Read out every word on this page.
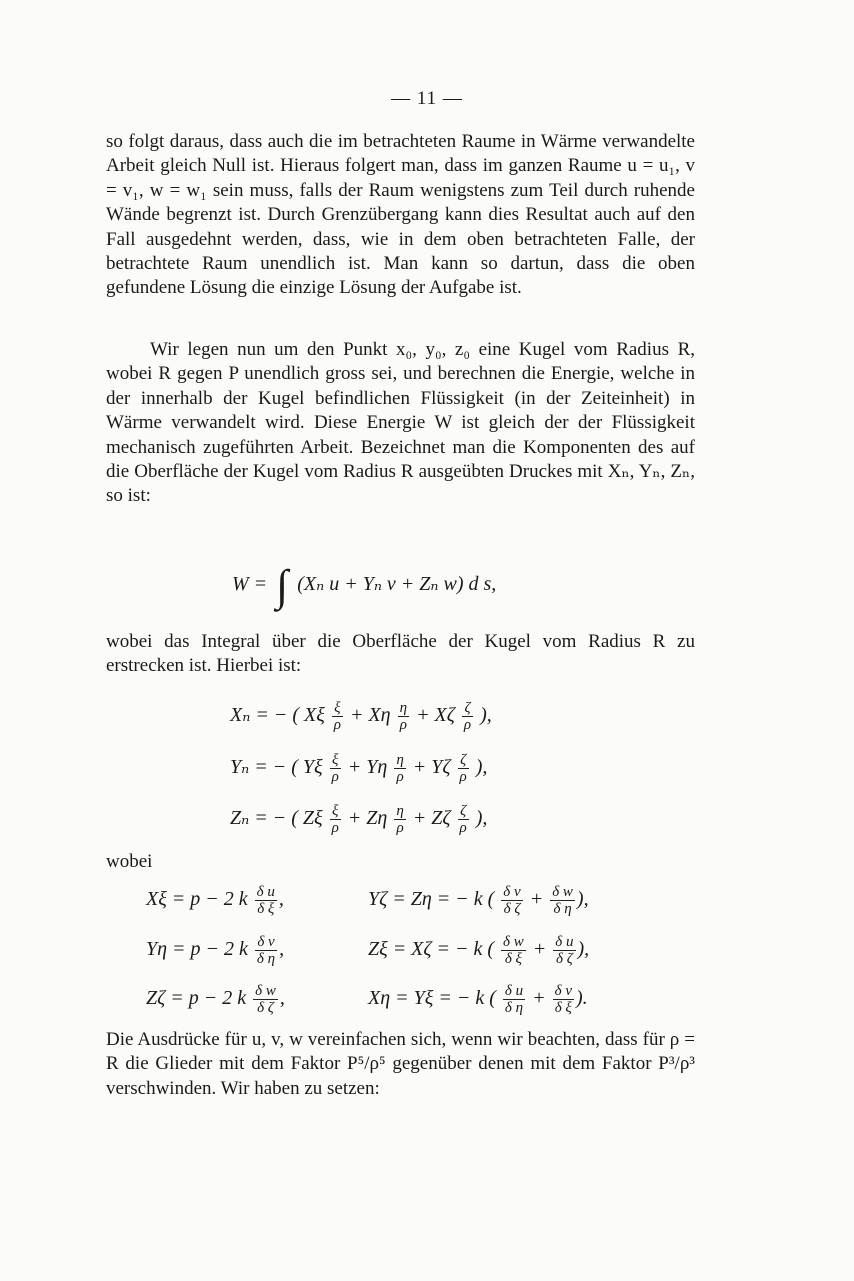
— 11 —

so folgt daraus, dass auch die im betrachteten Raume in Wärme verwandelte Arbeit gleich Null ist. Hieraus folgert man, dass im ganzen Raume u = u₁, v = v₁, w = w₁ sein muss, falls der Raum wenigstens zum Teil durch ruhende Wände begrenzt ist. Durch Grenzübergang kann dies Resultat auch auf den Fall ausgedehnt werden, dass, wie in dem oben betrachteten Falle, der betrachtete Raum unendlich ist. Man kann so dartun, dass die oben gefundene Lösung die einzige Lösung der Aufgabe ist.

Wir legen nun um den Punkt x₀, y₀, z₀ eine Kugel vom Radius R, wobei R gegen P unendlich gross sei, und berechnen die Energie, welche in der innerhalb der Kugel befindlichen Flüssigkeit (in der Zeiteinheit) in Wärme verwandelt wird. Diese Energie W ist gleich der der Flüssigkeit mechanisch zugeführten Arbeit. Bezeichnet man die Komponenten des auf die Oberfläche der Kugel vom Radius R ausgeübten Druckes mit Xₙ, Yₙ, Zₙ, so ist:

W = ∫ (Xₙ u + Yₙ v + Zₙ w) d s,

wobei das Integral über die Oberfläche der Kugel vom Radius R zu erstrecken ist. Hierbei ist:

Xₙ = − ( Xξ $\frac{\xi}{\rho} + X\eta \frac{\eta}{\rho} + X\zeta \frac{\zeta}{\rho}$ ),
Yₙ = − ( Yξ $\frac{\xi}{\rho} + Y\eta \frac{\eta}{\rho} + Y\zeta \frac{\zeta}{\rho}$ ),
Zₙ = − ( Zξ $\frac{\xi}{\rho} + Z\eta \frac{\eta}{\rho} + Z\zeta \frac{\zeta}{\rho}$ ),

wobei

Xξ = p − 2 k $\frac{\text{δ u}}{\text{δ ξ}}$ ,	Yζ = Zη = − k ( $\frac{\text{δ v}}{\text{δ ζ}} + \frac{\text{δ w}}{\text{δ η}}$ ),
Yη = p − 2 k $\frac{\text{δ v}}{\text{δ η}}$ ,	Zξ = Xζ = − k ( $\frac{\text{δ w}}{\text{δ ξ}} + \frac{\text{δ u}}{\text{δ ζ}}$ ),
Zζ = p − 2 k $\frac{\text{δ w}}{\text{δ ζ}}$ ,	Xη = Yξ = − k ( $\frac{\text{δ u}}{\text{δ η}} + \frac{\text{δ v}}{\text{δ ξ}}$ ).

Die Ausdrücke für u, v, w vereinfachen sich, wenn wir beachten, dass für ρ = R die Glieder mit dem Faktor P⁵/ρ⁵ gegenüber denen mit dem Faktor P³/ρ³ verschwinden. Wir haben zu setzen:
